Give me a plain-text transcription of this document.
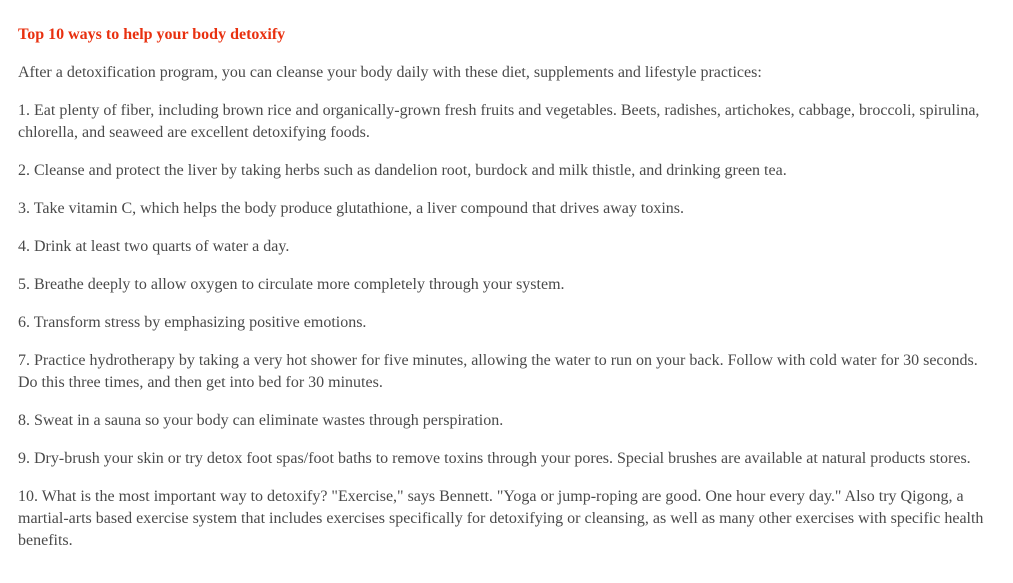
Top 10 ways to help your body detoxify

After a detoxification program, you can cleanse your body daily with these diet, supplements and lifestyle practices:

1. Eat plenty of fiber, including brown rice and organically-grown fresh fruits and vegetables. Beets, radishes, artichokes, cabbage, broccoli, spirulina, chlorella, and seaweed are excellent detoxifying foods.

2. Cleanse and protect the liver by taking herbs such as dandelion root, burdock and milk thistle, and drinking green tea.

3. Take vitamin C, which helps the body produce glutathione, a liver compound that drives away toxins.

4. Drink at least two quarts of water a day.

5. Breathe deeply to allow oxygen to circulate more completely through your system.

6. Transform stress by emphasizing positive emotions.

7. Practice hydrotherapy by taking a very hot shower for five minutes, allowing the water to run on your back. Follow with cold water for 30 seconds. Do this three times, and then get into bed for 30 minutes.

8. Sweat in a sauna so your body can eliminate wastes through perspiration.

9. Dry-brush your skin or try detox foot spas/foot baths to remove toxins through your pores. Special brushes are available at natural products stores.

10. What is the most important way to detoxify? "Exercise," says Bennett. "Yoga or jump-roping are good. One hour every day." Also try Qigong, a martial-arts based exercise system that includes exercises specifically for detoxifying or cleansing, as well as many other exercises with specific health benefits.
